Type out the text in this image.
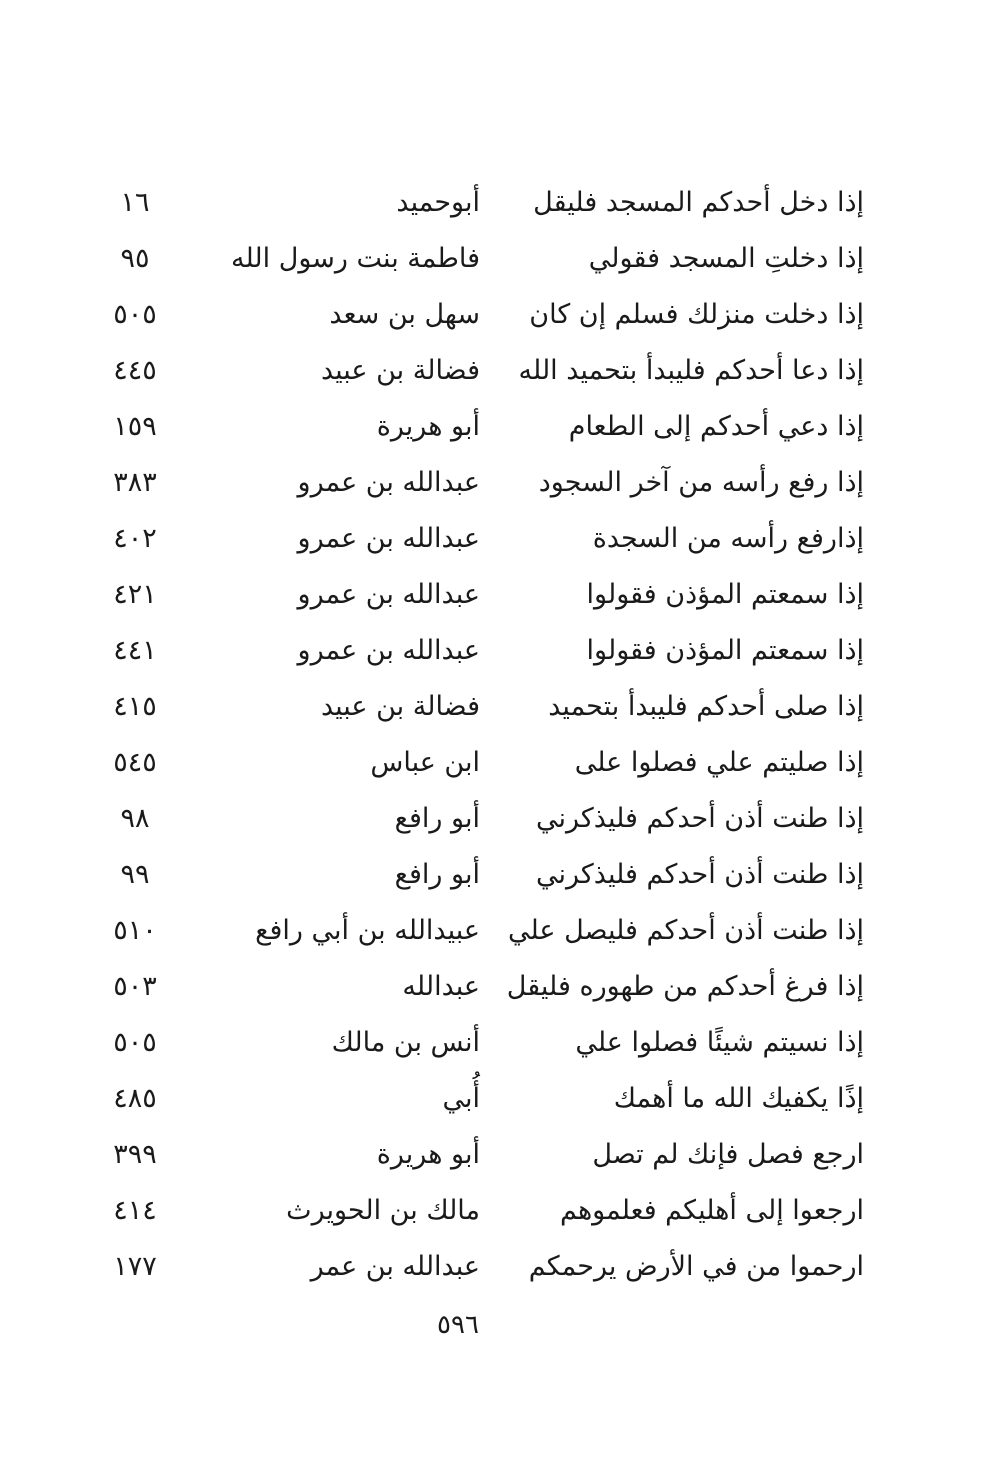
إذا دخل أحدكم المسجد فليقل
أبوحميد
١٦
إذا دخلتِ المسجد فقولي
فاطمة بنت رسول الله
٩٥
إذا دخلت منزلك فسلم إن كان
سهل بن سعد
٥٠٥
إذا دعا أحدكم فليبدأ بتحميد الله
فضالة بن عبيد
٤٤٥
إذا دعي أحدكم إلى الطعام
أبو هريرة
١٥٩
إذا رفع رأسه من آخر السجود
عبدالله بن عمرو
٣٨٣
إذارفع رأسه من السجدة
عبدالله بن عمرو
٤٠٢
إذا سمعتم المؤذن فقولوا
عبدالله بن عمرو
٤٢١
إذا سمعتم المؤذن فقولوا
عبدالله بن عمرو
٤٤١
إذا صلى أحدكم فليبدأ بتحميد
فضالة بن عبيد
٤١٥
إذا صليتم علي فصلوا على
ابن عباس
٥٤٥
إذا طنت أذن أحدكم فليذكرني
أبو رافع
٩٨
إذا طنت أذن أحدكم فليذكرني
أبو رافع
٩٩
إذا طنت أذن أحدكم فليصل علي
عبيدالله بن أبي رافع
٥١٠
إذا فرغ أحدكم من طهوره فليقل
عبدالله
٥٠٣
إذا نسيتم شيئًا فصلوا علي
أنس بن مالك
٥٠٥
إذًا يكفيك الله ما أهمك
أُبي
٤٨٥
ارجع فصل فإنك لم تصل
أبو هريرة
٣٩٩
ارجعوا إلى أهليكم فعلموهم
مالك بن الحويرث
٤١٤
ارحموا من في الأرض يرحمكم
عبدالله بن عمر
١٧٧
٥٩٦
